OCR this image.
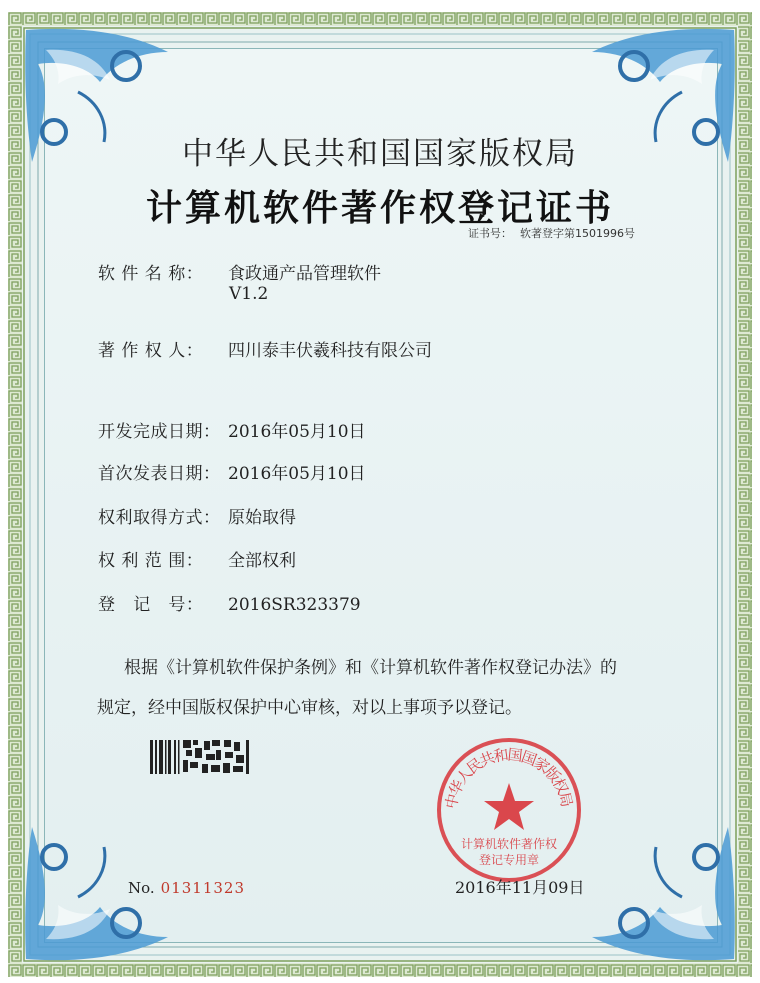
中华人民共和国国家版权局
计算机软件著作权登记证书
证书号： 软著登字第1501996号
软 件 名 称： 食政通产品管理软件
V1.2
著 作 权 人： 四川泰丰伏羲科技有限公司
开发完成日期： 2016年05月10日
首次发表日期： 2016年05月10日
权利取得方式： 原始取得
权 利 范 围： 全部权利
登   记   号： 2016SR323379
根据《计算机软件保护条例》和《计算机软件著作权登记办法》的
规定，经中国版权保护中心审核，对以上事项予以登记。
中华人民共和国国家版权局
计算机软件著作权
登记专用章
2016年11月09日
No. 01311323
